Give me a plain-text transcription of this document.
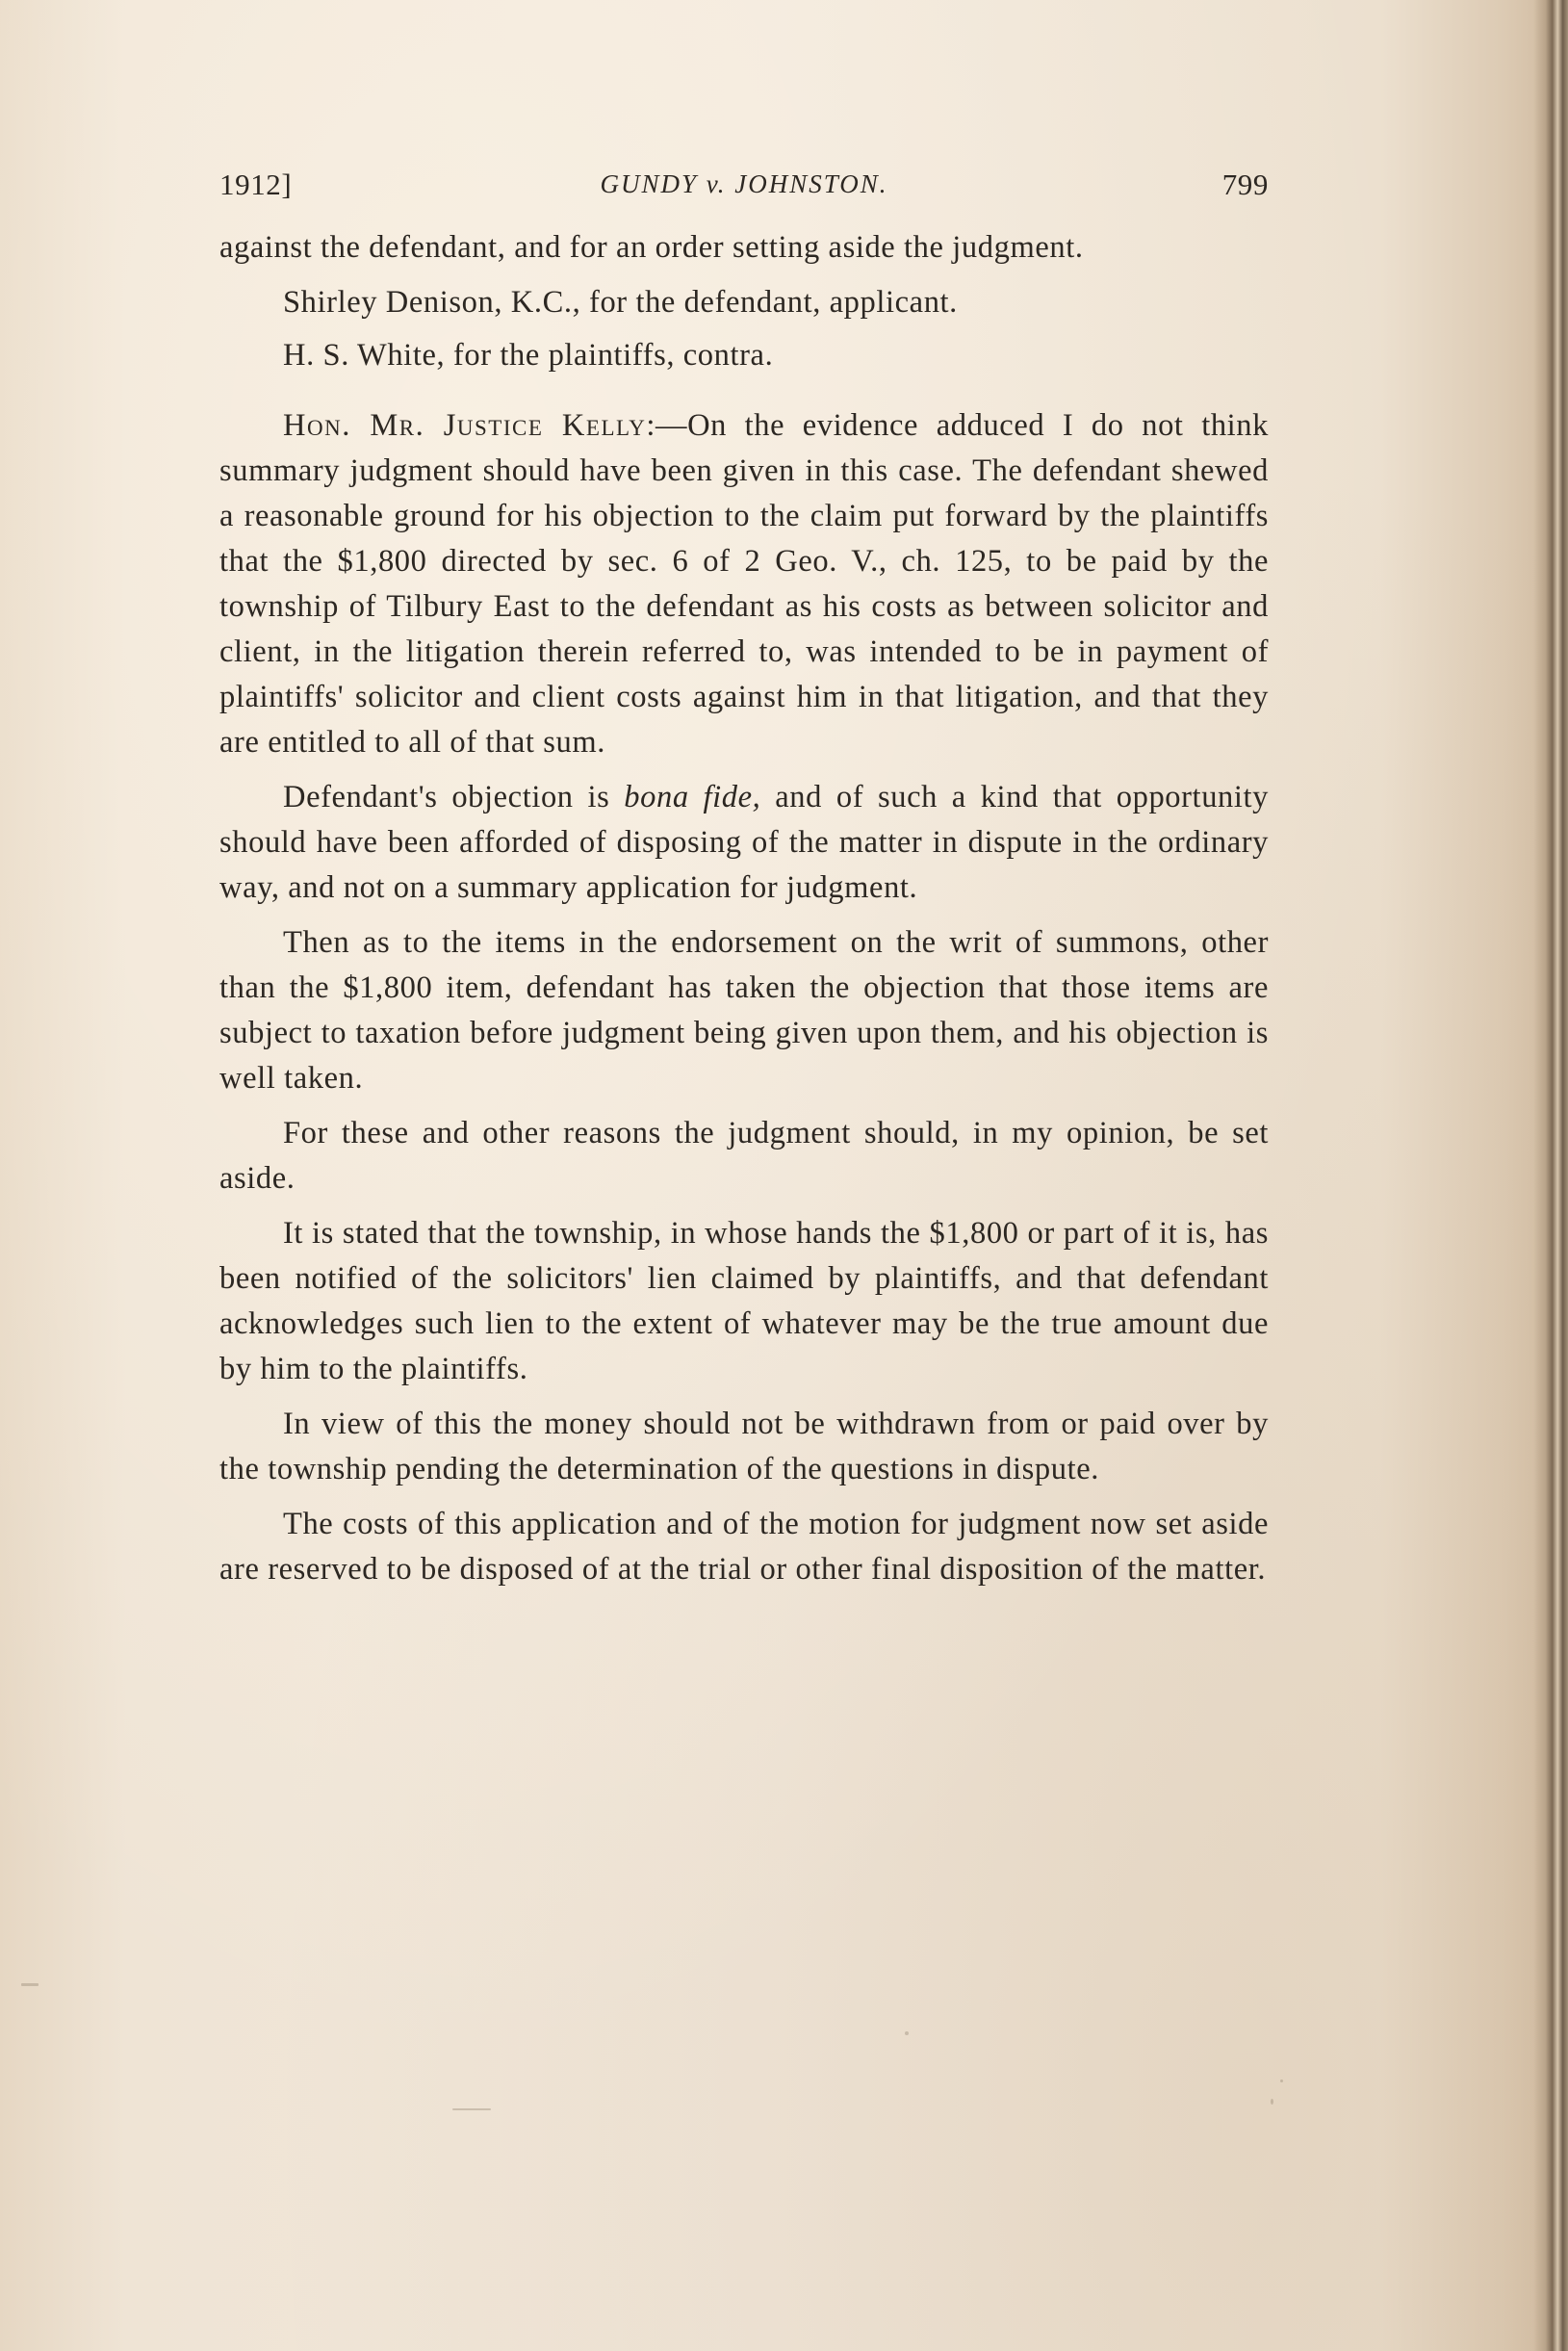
1912]	GUNDY v. JOHNSTON.	799

against the defendant, and for an order setting aside the judgment.

Shirley Denison, K.C., for the defendant, applicant.

H. S. White, for the plaintiffs, contra.

Hon. Mr. Justice Kelly:—On the evidence adduced I do not think summary judgment should have been given in this case. The defendant shewed a reasonable ground for his objection to the claim put forward by the plaintiffs that the $1,800 directed by sec. 6 of 2 Geo. V., ch. 125, to be paid by the township of Tilbury East to the defendant as his costs as between solicitor and client, in the litigation therein referred to, was intended to be in payment of plaintiffs' solicitor and client costs against him in that litigation, and that they are entitled to all of that sum.

Defendant's objection is bona fide, and of such a kind that opportunity should have been afforded of disposing of the matter in dispute in the ordinary way, and not on a summary application for judgment.

Then as to the items in the endorsement on the writ of summons, other than the $1,800 item, defendant has taken the objection that those items are subject to taxation before judgment being given upon them, and his objection is well taken.

For these and other reasons the judgment should, in my opinion, be set aside.

It is stated that the township, in whose hands the $1,800 or part of it is, has been notified of the solicitors' lien claimed by plaintiffs, and that defendant acknowledges such lien to the extent of whatever may be the true amount due by him to the plaintiffs.

In view of this the money should not be withdrawn from or paid over by the township pending the determination of the questions in dispute.

The costs of this application and of the motion for judgment now set aside are reserved to be disposed of at the trial or other final disposition of the matter.
